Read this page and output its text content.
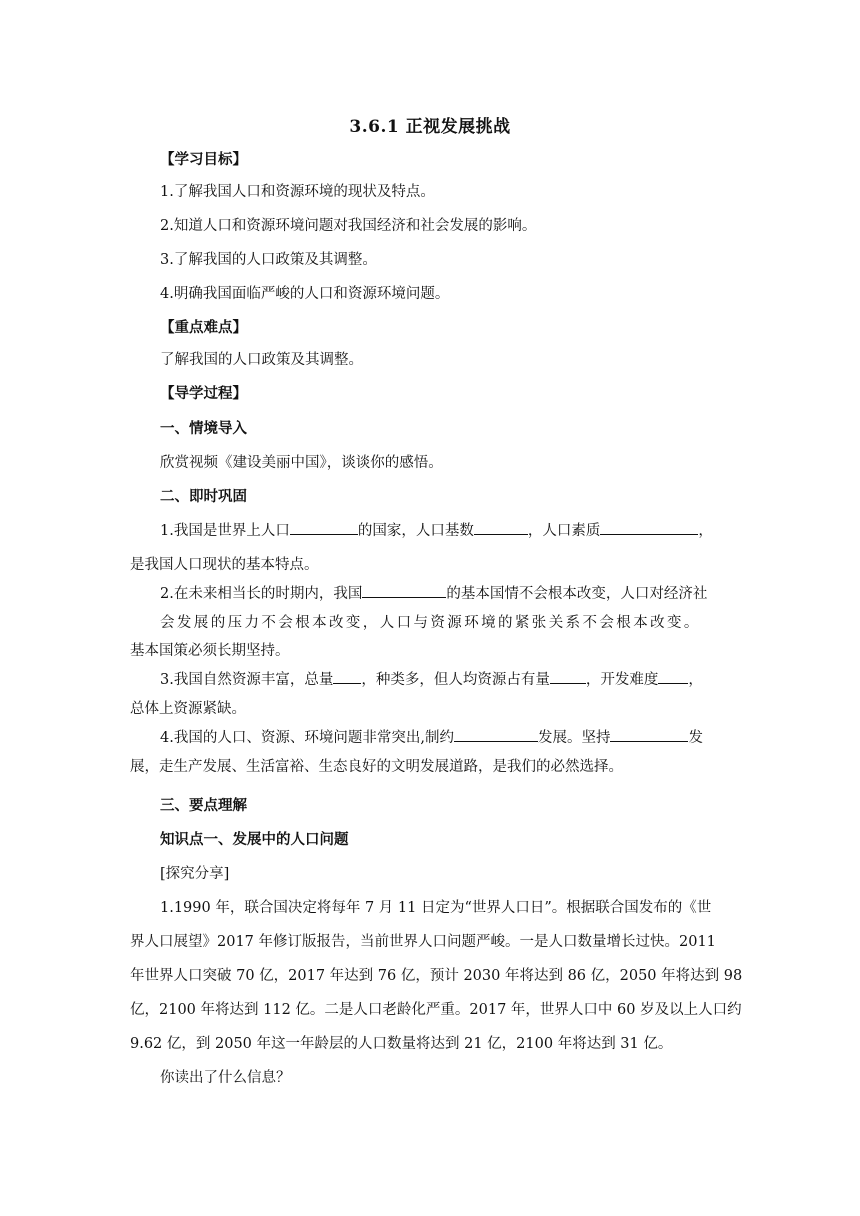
3.6.1 正视发展挑战
【学习目标】
1.了解我国人口和资源环境的现状及特点。
2.知道人口和资源环境问题对我国经济和社会发展的影响。
3.了解我国的人口政策及其调整。
4.明确我国面临严峻的人口和资源环境问题。
【重点难点】
了解我国的人口政策及其调整。
【导学过程】
一、情境导入
欣赏视频《建设美丽中国》，谈谈你的感悟。
二、即时巩固
1.我国是世界上人口	的国家，人口基数	，人口素质	，
是我国人口现状的基本特点。
2.在未来相当长的时期内，我国	的基本国情不会根本改变，人口对经济社
会发展的压力不会根本改变，人口与资源环境的紧张关系不会根本改变。
基本国策必须长期坚持。
3.我国自然资源丰富，总量 ，种类多，但人均资源占有量 ，开发难度 ，
总体上资源紧缺。
4.我国的人口、资源、环境问题非常突出,制约	发展。坚持	发
展，走生产发展、生活富裕、生态良好的文明发展道路，是我们的必然选择。
三、要点理解
知识点一、发展中的人口问题
[探究分享]
1.1990 年，联合国决定将每年 7 月 11 日定为“世界人口日”。根据联合国发布的《世
界人口展望》2017 年修订版报告，当前世界人口问题严峻。一是人口数量增长过快。2011
年世界人口突破 70 亿，2017 年达到 76 亿，预计 2030 年将达到 86 亿，2050 年将达到 98
亿，2100 年将达到 112 亿。二是人口老龄化严重。2017 年，世界人口中 60 岁及以上人口约
9.62 亿，到 2050 年这一年龄层的人口数量将达到 21 亿，2100 年将达到 31 亿。
你读出了什么信息？
